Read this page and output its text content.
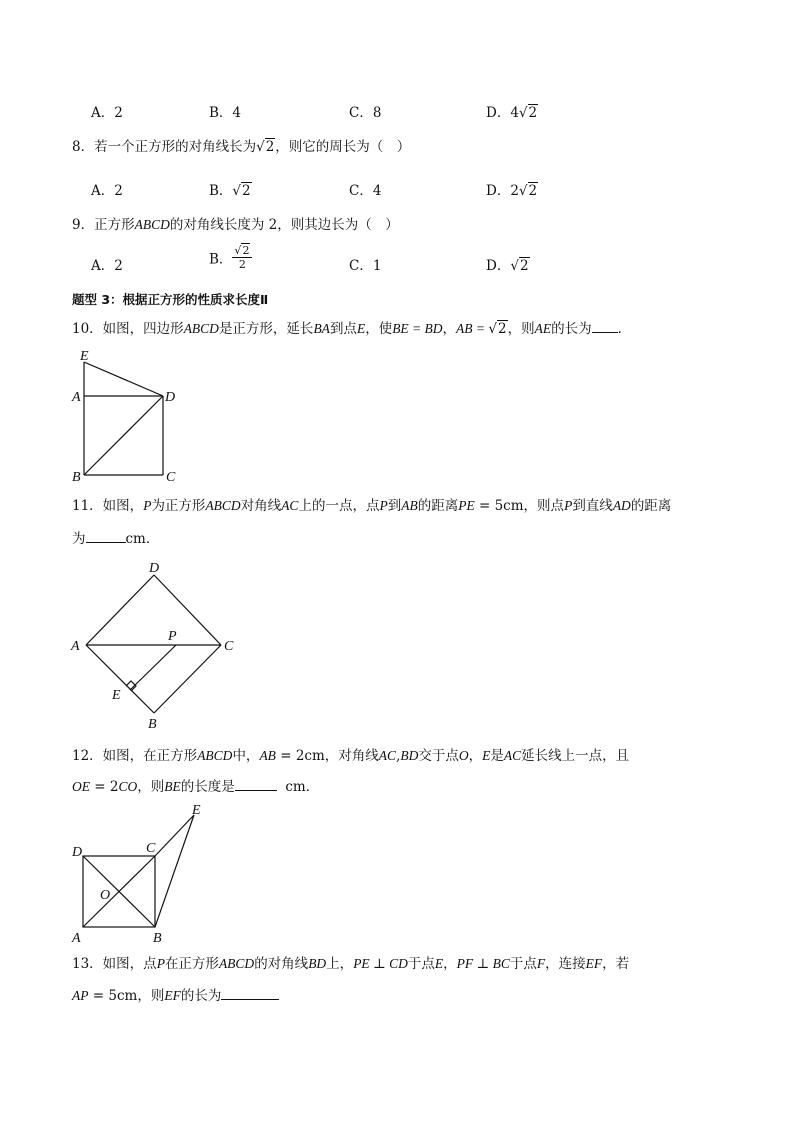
A．2	B．4	C．8	D．4√2
8．若一个正方形的对角线长为√2，则它的周长为（　）
A．2	B．√2	C．4	D．2√2
9．正方形ABCD的对角线长度为 2，则其边长为（　）
A．2	B． $\frac{√2}{2}$	C．1	D．√2
题型 3：根据正方形的性质求长度Ⅱ
10．如图，四边形ABCD是正方形，延长BA到点E，使BE = BD，AB = √2，则AE的长为 ．
E
A	D
B	C
11．如图，P为正方形ABCD对角线AC上的一点，点P到AB的距离PE = 5cm，则点P到直线AD的距离
为	cm．
D
A
P
C
E
B
12．如图，在正方形ABCD中，AB = 2cm，对角线AC,BD交于点O，E是AC延长线上一点，且
OE = 2CO，则BE的长度是	cm．
E
D	C
O
A	B
13．如图，点P在正方形ABCD的对角线BD上，PE ⊥ CD于点E，PF ⊥ BC于点F，连接EF，若
AP = 5cm，则EF的长为
